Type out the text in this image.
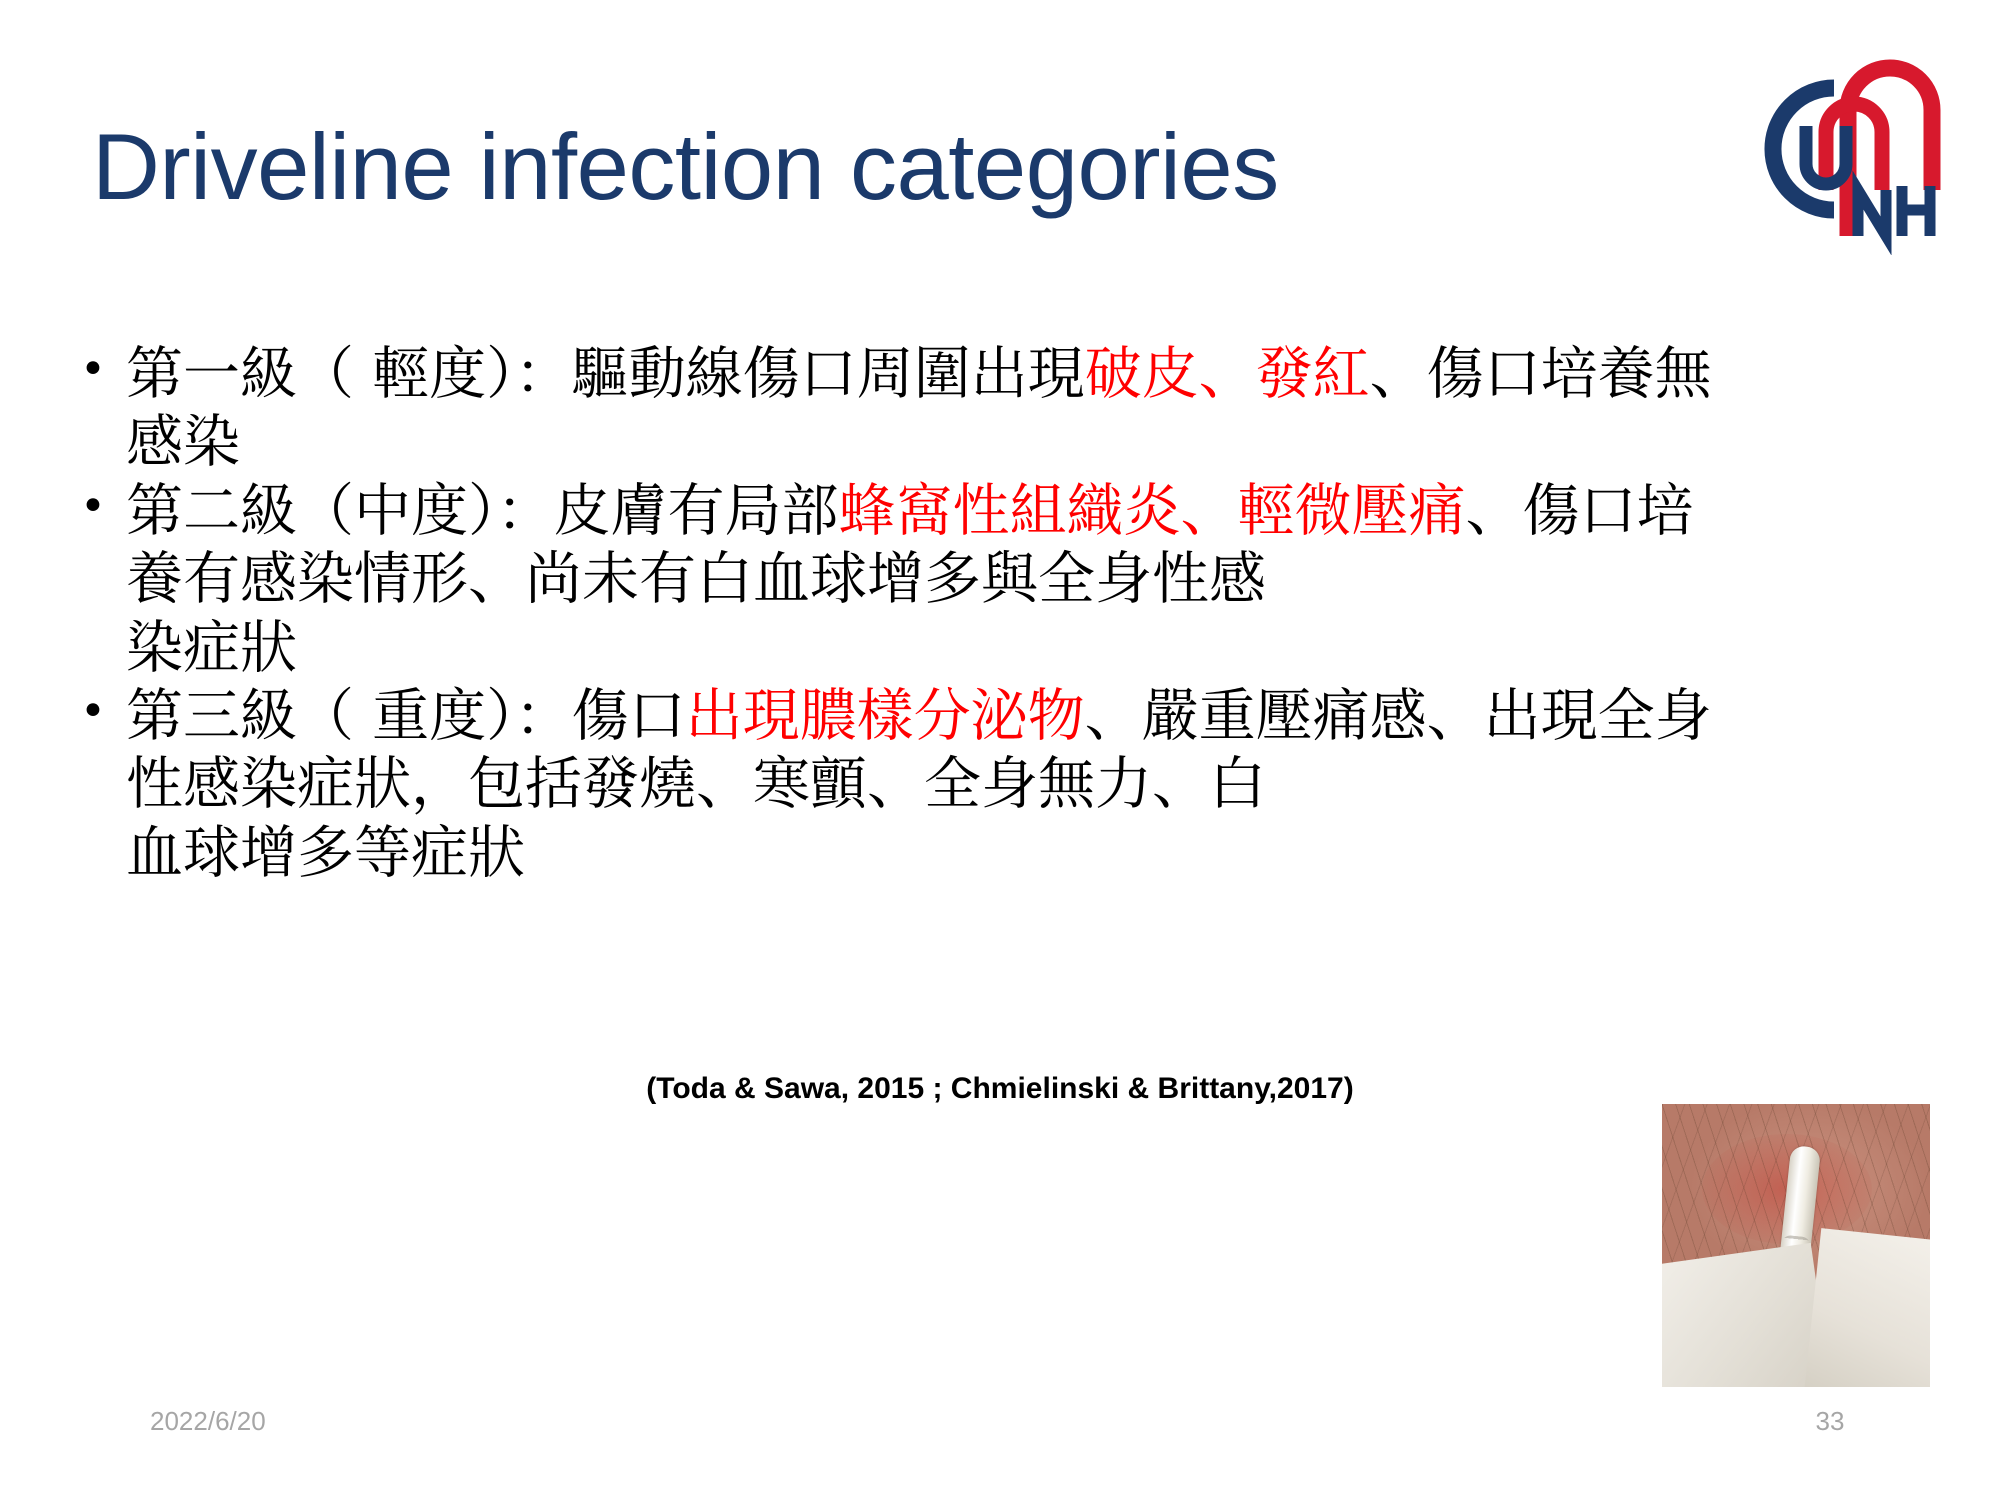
Driveline infection categories
• 第一級（ 輕度）：驅動線傷口周圍出現破皮、發紅、傷口培養無
感染
• 第二級（中度）：皮膚有局部蜂窩性組織炎、輕微壓痛、傷口培
養有感染情形、尚未有白血球增多與全身性感
染症狀
• 第三級（ 重度）：傷口出現膿樣分泌物、嚴重壓痛感、出現全身
性感染症狀，包括發燒、寒顫、全身無力、白
血球增多等症狀
(Toda & Sawa, 2015 ; Chmielinski & Brittany,2017)
2022/6/20	33
